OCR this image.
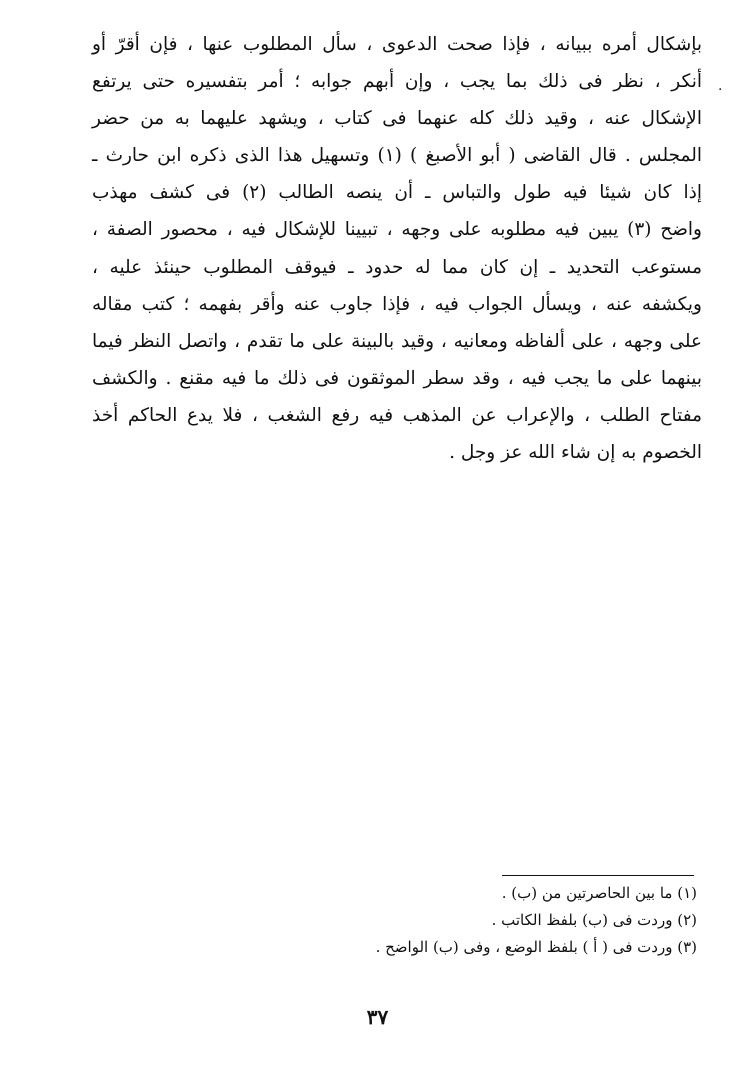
بإشكال أمره ببيانه ، فإذا صحت الدعوى ، سأل المطلوب عنها ، فإن أقرّ أو
أنكر ، نظر فى ذلك بما يجب ، وإن أبهم جوابه ؛ أمر بتفسيره حتى يرتفع
الإشكال عنه ، وقيد ذلك كله عنهما فى كتاب ، ويشهد عليهما به من حضر
المجلس . قال القاضى ( أبو الأصبغ ) (١) وتسهيل هذا الذى ذكره ابن حارث ـ
إذا كان شيئا فيه طول والتباس ـ أن ينصه الطالب (٢) فى كشف مهذب
واضح (٣) يبين فيه مطلوبه على وجهه ، تبيينا للإشكال فيه ، محصور الصفة ،
مستوعب التحديد ـ إن كان مما له حدود ـ فيوقف المطلوب حينئذ عليه ،
ويكشفه عنه ، ويسأل الجواب فيه ، فإذا جاوب عنه وأقر بفهمه ؛ كتب مقاله
على وجهه ، على ألفاظه ومعانيه ، وقيد بالبينة على ما تقدم ، واتصل النظر فيما
بينهما على ما يجب فيه ، وقد سطر الموثقون فى ذلك ما فيه مقنع . والكشف
مفتاح الطلب ، والإعراب عن المذهب فيه رفع الشغب ، فلا يدع الحاكم أخذ
الخصوم به إن شاء الله عز وجل .
.
(١) ما بين الحاصرتين من (ب) .
(٢) وردت فى (ب) بلفظ الكاتب .
(٣) وردت فى ( أ ) بلفظ الوضع ، وفى (ب) الواضح .
٣٧
